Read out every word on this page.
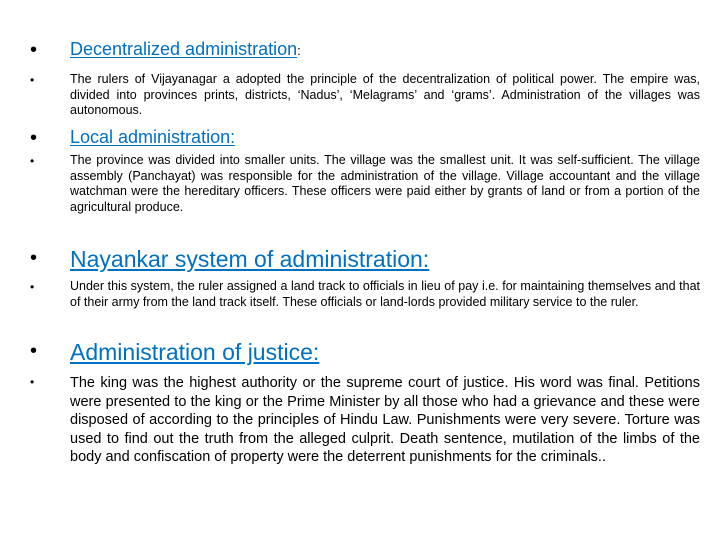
•	Decentralized administration:
•	The rulers of Vijayanagar a adopted the principle of the decentralization of political power. The empire was, divided into provinces prints, districts, ‘Nadus’, ‘Melagrams’ and ‘grams’. Administration of the villages was autonomous.
•	Local administration:
•	The province was divided into smaller units. The village was the smallest unit. It was self-sufficient. The village assembly (Panchayat) was responsible for the administration of the village. Village accountant and the village watchman were the hereditary officers. These officers were paid either by grants of land or from a portion of the agricultural produce.
•	Nayankar system of administration:
•	Under this system, the ruler assigned a land track to officials in lieu of pay i.e. for maintaining themselves and that of their army from the land track itself. These officials or land-lords provided military service to the ruler.
•	Administration of justice:
•	The king was the highest authority or the supreme court of justice. His word was final. Petitions were presented to the king or the Prime Minister by all those who had a grievance and these were disposed of according to the principles of Hindu Law. Punishments were very severe. Torture was used to find out the truth from the alleged culprit. Death sentence, mutilation of the limbs of the body and confiscation of property were the deterrent punishments for the criminals..
